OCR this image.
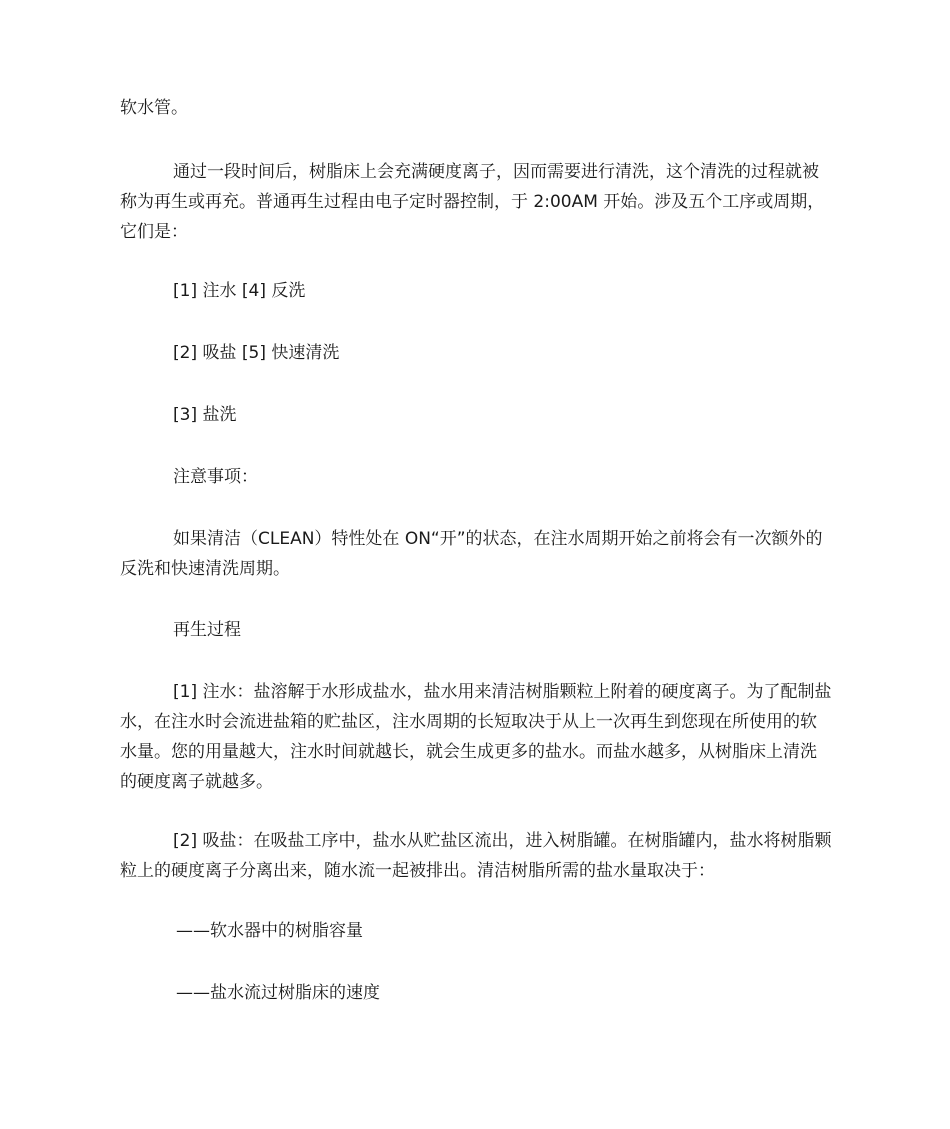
软水管。

通过一段时间后，树脂床上会充满硬度离子，因而需要进行清洗，这个清洗的过程就被称为再生或再充。普通再生过程由电子定时器控制，于 2:00AM 开始。涉及五个工序或周期，它们是：

[1] 注水 [4] 反洗

[2] 吸盐 [5] 快速清洗

[3] 盐洗

注意事项：

如果清洁（CLEAN）特性处在 ON“开”的状态，在注水周期开始之前将会有一次额外的反洗和快速清洗周期。

再生过程

[1] 注水：盐溶解于水形成盐水，盐水用来清洁树脂颗粒上附着的硬度离子。为了配制盐水，在注水时会流进盐箱的贮盐区，注水周期的长短取决于从上一次再生到您现在所使用的软水量。您的用量越大，注水时间就越长，就会生成更多的盐水。而盐水越多，从树脂床上清洗的硬度离子就越多。

[2] 吸盐：在吸盐工序中，盐水从贮盐区流出，进入树脂罐。在树脂罐内，盐水将树脂颗粒上的硬度离子分离出来，随水流一起被排出。清洁树脂所需的盐水量取决于：

——软水器中的树脂容量

——盐水流过树脂床的速度
